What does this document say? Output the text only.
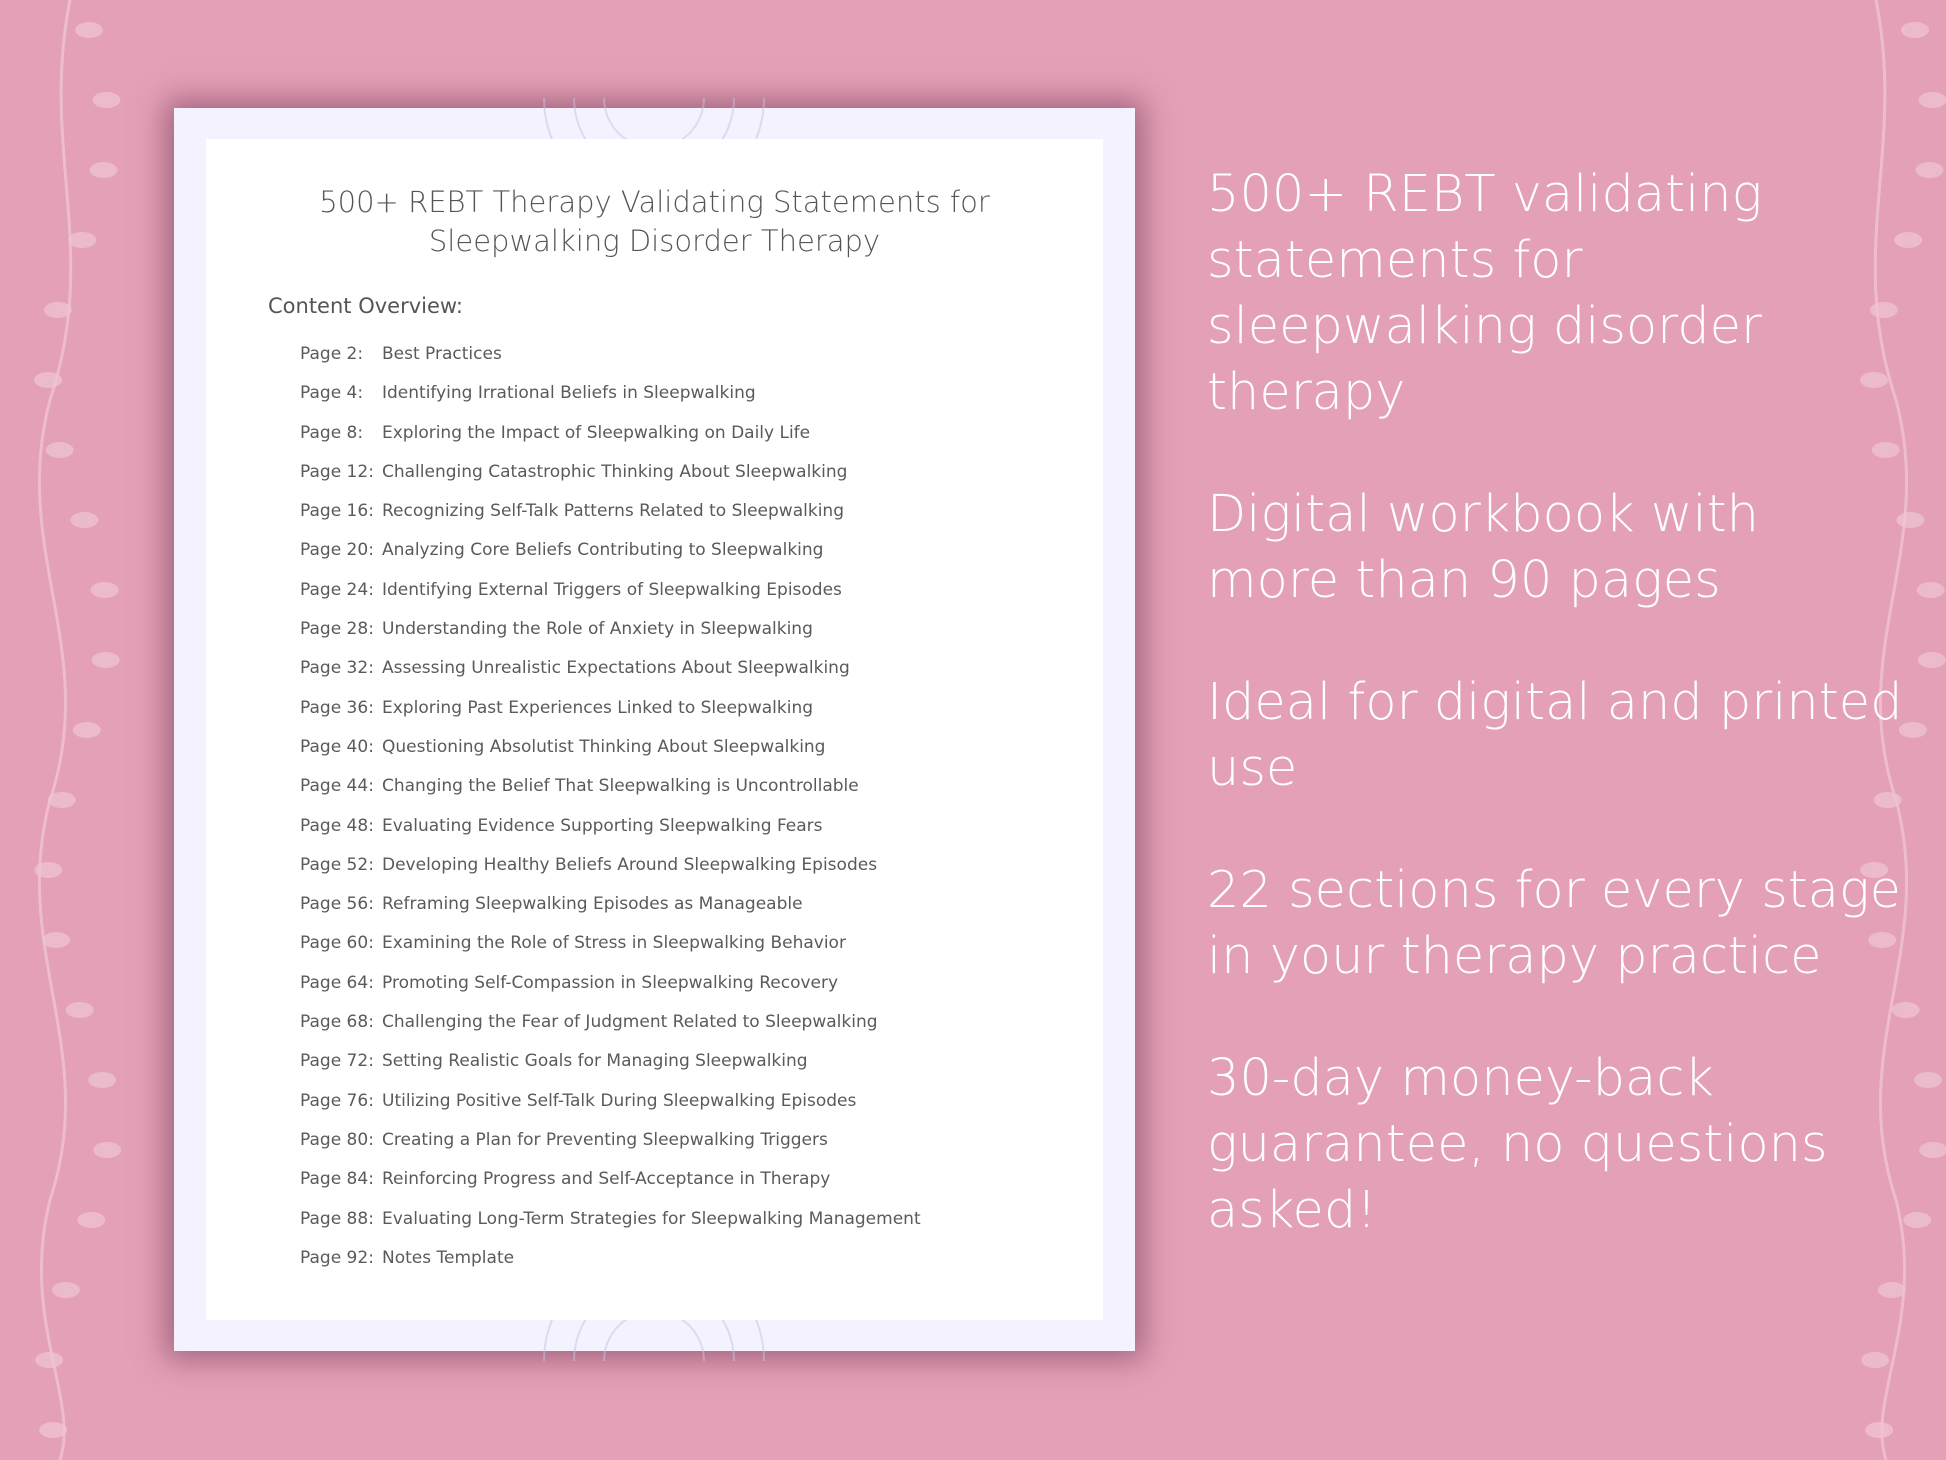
500+ REBT Therapy Validating Statements for
Sleepwalking Disorder Therapy
Content Overview:
Page 2: Best Practices
Page 4: Identifying Irrational Beliefs in Sleepwalking
Page 8: Exploring the Impact of Sleepwalking on Daily Life
Page 12: Challenging Catastrophic Thinking About Sleepwalking
Page 16: Recognizing Self-Talk Patterns Related to Sleepwalking
Page 20: Analyzing Core Beliefs Contributing to Sleepwalking
Page 24: Identifying External Triggers of Sleepwalking Episodes
Page 28: Understanding the Role of Anxiety in Sleepwalking
Page 32: Assessing Unrealistic Expectations About Sleepwalking
Page 36: Exploring Past Experiences Linked to Sleepwalking
Page 40: Questioning Absolutist Thinking About Sleepwalking
Page 44: Changing the Belief That Sleepwalking is Uncontrollable
Page 48: Evaluating Evidence Supporting Sleepwalking Fears
Page 52: Developing Healthy Beliefs Around Sleepwalking Episodes
Page 56: Reframing Sleepwalking Episodes as Manageable
Page 60: Examining the Role of Stress in Sleepwalking Behavior
Page 64: Promoting Self-Compassion in Sleepwalking Recovery
Page 68: Challenging the Fear of Judgment Related to Sleepwalking
Page 72: Setting Realistic Goals for Managing Sleepwalking
Page 76: Utilizing Positive Self-Talk During Sleepwalking Episodes
Page 80: Creating a Plan for Preventing Sleepwalking Triggers
Page 84: Reinforcing Progress and Self-Acceptance in Therapy
Page 88: Evaluating Long-Term Strategies for Sleepwalking Management
Page 92: Notes Template

500+ REBT validating statements for sleepwalking disorder therapy

Digital workbook with more than 90 pages

Ideal for digital and printed use

22 sections for every stage in your therapy practice

30-day money-back guarantee, no questions asked!
